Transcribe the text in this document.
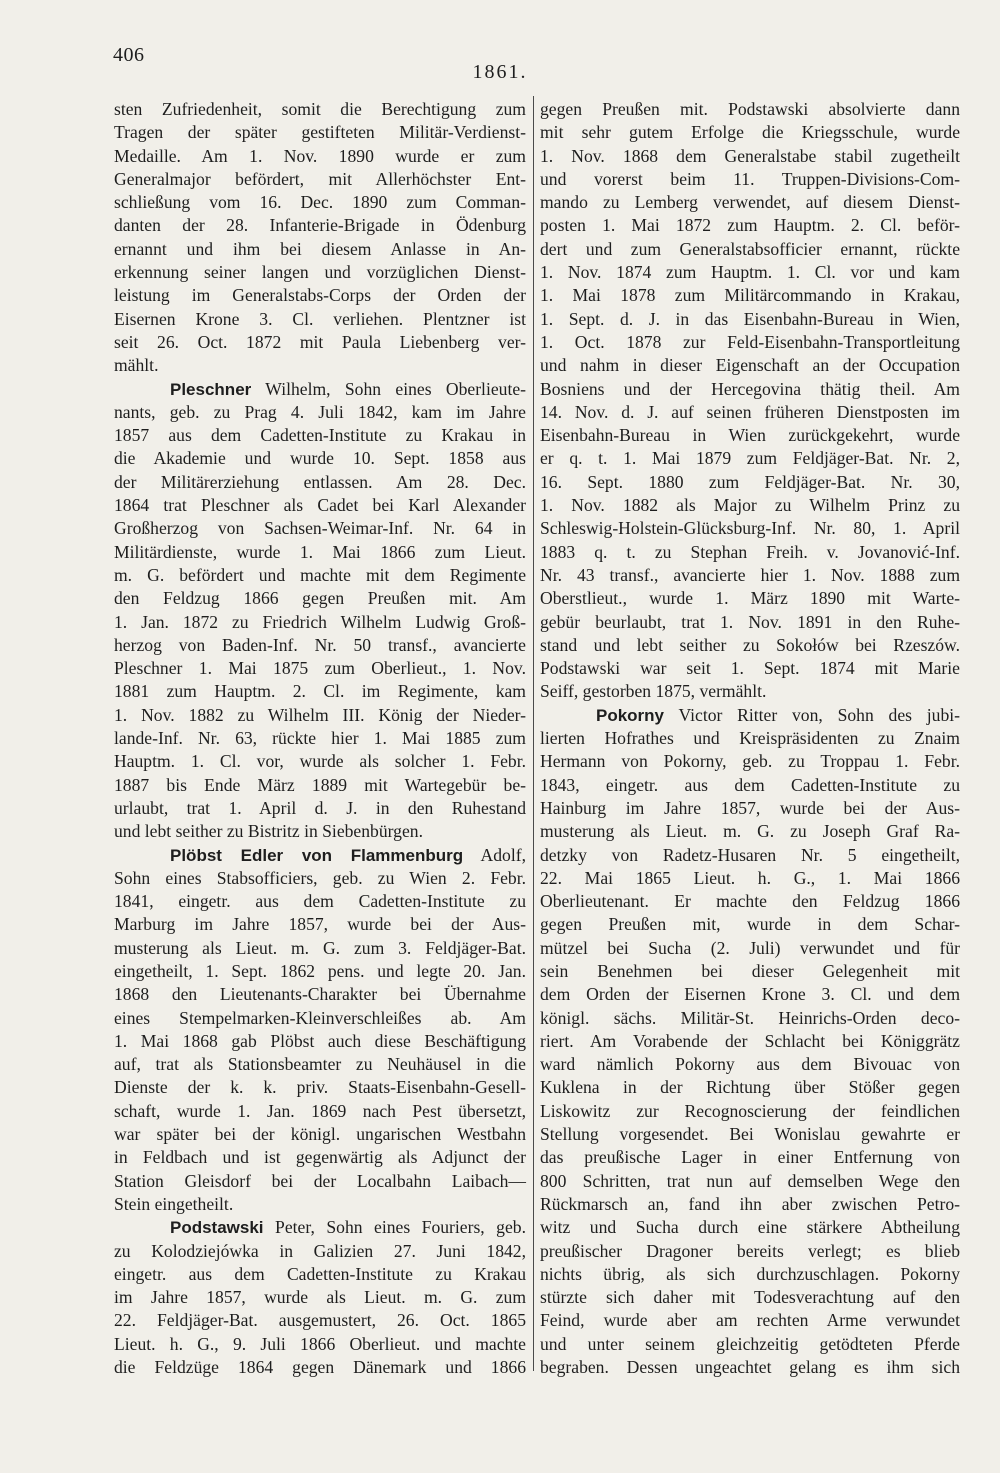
406
1861.
sten Zufriedenheit, somit die Berechtigung zum
Tragen der später gestifteten Militär-Verdienst-
Medaille. Am 1. Nov. 1890 wurde er zum
Generalmajor befördert, mit Allerhöchster Ent-
schließung vom 16. Dec. 1890 zum Comman-
danten der 28. Infanterie-Brigade in Ödenburg
ernannt und ihm bei diesem Anlasse in An-
erkennung seiner langen und vorzüglichen Dienst-
leistung im Generalstabs-Corps der Orden der
Eisernen Krone 3. Cl. verliehen. Plentzner ist
seit 26. Oct. 1872 mit Paula Liebenberg ver-
mählt.
Pleschner Wilhelm, Sohn eines Oberlieute-
nants, geb. zu Prag 4. Juli 1842, kam im Jahre
1857 aus dem Cadetten-Institute zu Krakau in
die Akademie und wurde 10. Sept. 1858 aus
der Militärerziehung entlassen. Am 28. Dec.
1864 trat Pleschner als Cadet bei Karl Alexander
Großherzog von Sachsen-Weimar-Inf. Nr. 64 in
Militärdienste, wurde 1. Mai 1866 zum Lieut.
m. G. befördert und machte mit dem Regimente
den Feldzug 1866 gegen Preußen mit. Am
1. Jan. 1872 zu Friedrich Wilhelm Ludwig Groß-
herzog von Baden-Inf. Nr. 50 transf., avancierte
Pleschner 1. Mai 1875 zum Oberlieut., 1. Nov.
1881 zum Hauptm. 2. Cl. im Regimente, kam
1. Nov. 1882 zu Wilhelm III. König der Nieder-
lande-Inf. Nr. 63, rückte hier 1. Mai 1885 zum
Hauptm. 1. Cl. vor, wurde als solcher 1. Febr.
1887 bis Ende März 1889 mit Wartegebür be-
urlaubt, trat 1. April d. J. in den Ruhestand
und lebt seither zu Bistritz in Siebenbürgen.
Plöbst Edler von Flammenburg Adolf,
Sohn eines Stabsofficiers, geb. zu Wien 2. Febr.
1841, eingetr. aus dem Cadetten-Institute zu
Marburg im Jahre 1857, wurde bei der Aus-
musterung als Lieut. m. G. zum 3. Feldjäger-Bat.
eingetheilt, 1. Sept. 1862 pens. und legte 20. Jan.
1868 den Lieutenants-Charakter bei Übernahme
eines Stempelmarken-Kleinverschleißes ab. Am
1. Mai 1868 gab Plöbst auch diese Beschäftigung
auf, trat als Stationsbeamter zu Neuhäusel in die
Dienste der k. k. priv. Staats-Eisenbahn-Gesell-
schaft, wurde 1. Jan. 1869 nach Pest übersetzt,
war später bei der königl. ungarischen Westbahn
in Feldbach und ist gegenwärtig als Adjunct der
Station Gleisdorf bei der Localbahn Laibach—
Stein eingetheilt.
Podstawski Peter, Sohn eines Fouriers, geb.
zu Kolodziejówka in Galizien 27. Juni 1842,
eingetr. aus dem Cadetten-Institute zu Krakau
im Jahre 1857, wurde als Lieut. m. G. zum
22. Feldjäger-Bat. ausgemustert, 26. Oct. 1865
Lieut. h. G., 9. Juli 1866 Oberlieut. und machte
die Feldzüge 1864 gegen Dänemark und 1866
gegen Preußen mit. Podstawski absolvierte dann
mit sehr gutem Erfolge die Kriegsschule, wurde
1. Nov. 1868 dem Generalstabe stabil zugetheilt
und vorerst beim 11. Truppen-Divisions-Com-
mando zu Lemberg verwendet, auf diesem Dienst-
posten 1. Mai 1872 zum Hauptm. 2. Cl. beför-
dert und zum Generalstabsofficier ernannt, rückte
1. Nov. 1874 zum Hauptm. 1. Cl. vor und kam
1. Mai 1878 zum Militärcommando in Krakau,
1. Sept. d. J. in das Eisenbahn-Bureau in Wien,
1. Oct. 1878 zur Feld-Eisenbahn-Transportleitung
und nahm in dieser Eigenschaft an der Occupation
Bosniens und der Hercegovina thätig theil. Am
14. Nov. d. J. auf seinen früheren Dienstposten im
Eisenbahn-Bureau in Wien zurückgekehrt, wurde
er q. t. 1. Mai 1879 zum Feldjäger-Bat. Nr. 2,
16. Sept. 1880 zum Feldjäger-Bat. Nr. 30,
1. Nov. 1882 als Major zu Wilhelm Prinz zu
Schleswig-Holstein-Glücksburg-Inf. Nr. 80, 1. April
1883 q. t. zu Stephan Freih. v. Jovanović-Inf.
Nr. 43 transf., avancierte hier 1. Nov. 1888 zum
Oberstlieut., wurde 1. März 1890 mit Warte-
gebür beurlaubt, trat 1. Nov. 1891 in den Ruhe-
stand und lebt seither zu Sokołów bei Rzeszów.
Podstawski war seit 1. Sept. 1874 mit Marie
Seiff, gestorben 1875, vermählt.
Pokorny Victor Ritter von, Sohn des jubi-
lierten Hofrathes und Kreispräsidenten zu Znaim
Hermann von Pokorny, geb. zu Troppau 1. Febr.
1843, eingetr. aus dem Cadetten-Institute zu
Hainburg im Jahre 1857, wurde bei der Aus-
musterung als Lieut. m. G. zu Joseph Graf Ra-
detzky von Radetz-Husaren Nr. 5 eingetheilt,
22. Mai 1865 Lieut. h. G., 1. Mai 1866
Oberlieutenant. Er machte den Feldzug 1866
gegen Preußen mit, wurde in dem Schar-
mützel bei Sucha (2. Juli) verwundet und für
sein Benehmen bei dieser Gelegenheit mit
dem Orden der Eisernen Krone 3. Cl. und dem
königl. sächs. Militär-St. Heinrichs-Orden deco-
riert. Am Vorabende der Schlacht bei Königgrätz
ward nämlich Pokorny aus dem Bivouac von
Kuklena in der Richtung über Stößer gegen
Liskowitz zur Recognoscierung der feindlichen
Stellung vorgesendet. Bei Wonislau gewahrte er
das preußische Lager in einer Entfernung von
800 Schritten, trat nun auf demselben Wege den
Rückmarsch an, fand ihn aber zwischen Petro-
witz und Sucha durch eine stärkere Abtheilung
preußischer Dragoner bereits verlegt; es blieb
nichts übrig, als sich durchzuschlagen. Pokorny
stürzte sich daher mit Todesverachtung auf den
Feind, wurde aber am rechten Arme verwundet
und unter seinem gleichzeitig getödteten Pferde
begraben. Dessen ungeachtet gelang es ihm sich
